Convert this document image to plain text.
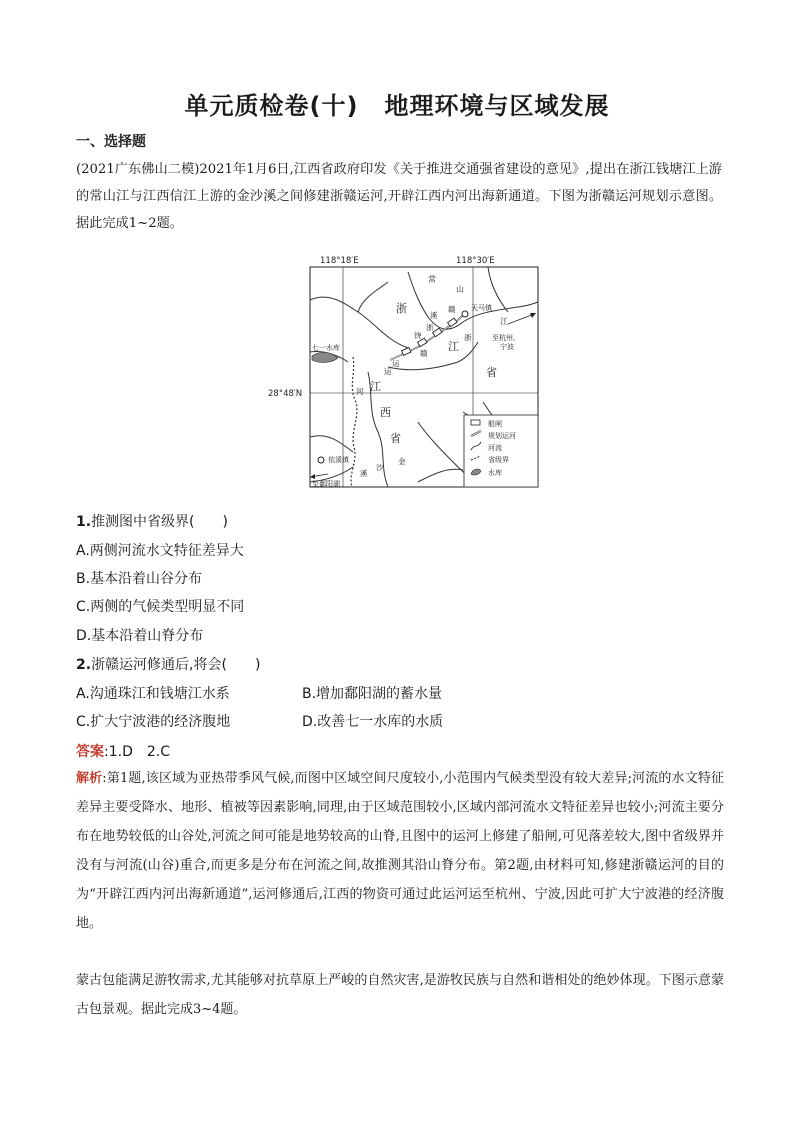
单元质检卷(十) 地理环境与区域发展
一、选择题
(2021广东佛山二模)2021年1月6日,江西省政府印发《关于推进交通强省建设的意见》,提出在浙江钱塘江上游的常山江与江西信江上游的金沙溪之间修建浙赣运河,开辟江西内河出海新通道。下图为浙赣运河规划示意图。据此完成1~2题。
118°18′E	118°30′E
28°48′N
天马镇
依溪镇
至鄱阳湖
至杭州、
宁波
七一水库
常
山
江
浙
溪
饶
赣
运
浙
赣
运
河
浙
江
省
江
西
省
沙
金
溪
船闸
规划运河
河流
省级界
水库
1.推测图中省级界(　　)
A.两侧河流水文特征差异大
B.基本沿着山谷分布
C.两侧的气候类型明显不同
D.基本沿着山脊分布
2.浙赣运河修通后,将会(　　)
A.沟通珠江和钱塘江水系	B.增加鄱阳湖的蓄水量
C.扩大宁波港的经济腹地	D.改善七一水库的水质
答案:1.D　2.C
解析:第1题,该区域为亚热带季风气候,而图中区域空间尺度较小,小范围内气候类型没有较大差异;河流的水文特征差异主要受降水、地形、植被等因素影响,同理,由于区域范围较小,区域内部河流水文特征差异也较小;河流主要分布在地势较低的山谷处,河流之间可能是地势较高的山脊,且图中的运河上修建了船闸,可见落差较大,图中省级界并没有与河流(山谷)重合,而更多是分布在河流之间,故推测其沿山脊分布。第2题,由材料可知,修建浙赣运河的目的为“开辟江西内河出海新通道”,运河修通后,江西的物资可通过此运河运至杭州、宁波,因此可扩大宁波港的经济腹地。
蒙古包能满足游牧需求,尤其能够对抗草原上严峻的自然灾害,是游牧民族与自然和谐相处的绝妙体现。下图示意蒙古包景观。据此完成3~4题。
